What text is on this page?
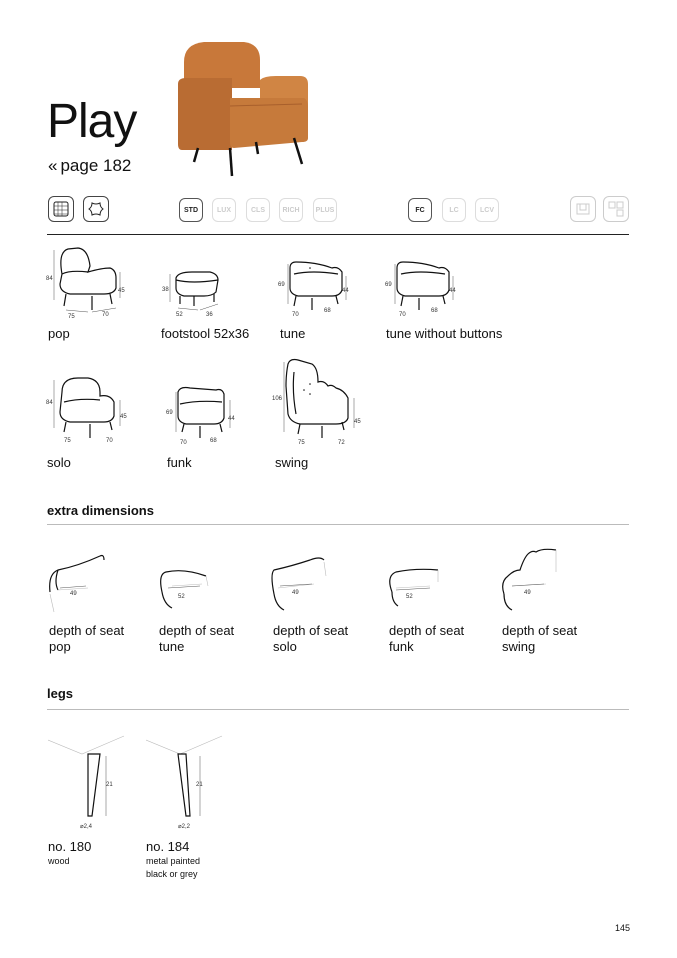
Play
« page 182
STD	LUX	CLS	RICH	PLUS	FC	LC	LCV
84
45
75	70
pop
38
52	36
footstool 52x36
69
44
70
68
tune
69
44
70
68
tune without buttons
84
45
75	70
solo
69
44
70	68
funk
106
45
75	72
swing
extra dimensions
49
depth of seat
pop
52
depth of seat
tune
49
depth of seat
solo
52
depth of seat
funk
49
depth of seat
swing
legs
21
⌀2,4
no. 180
wood
21
⌀2,2
no. 184
metal painted
black or grey
145
